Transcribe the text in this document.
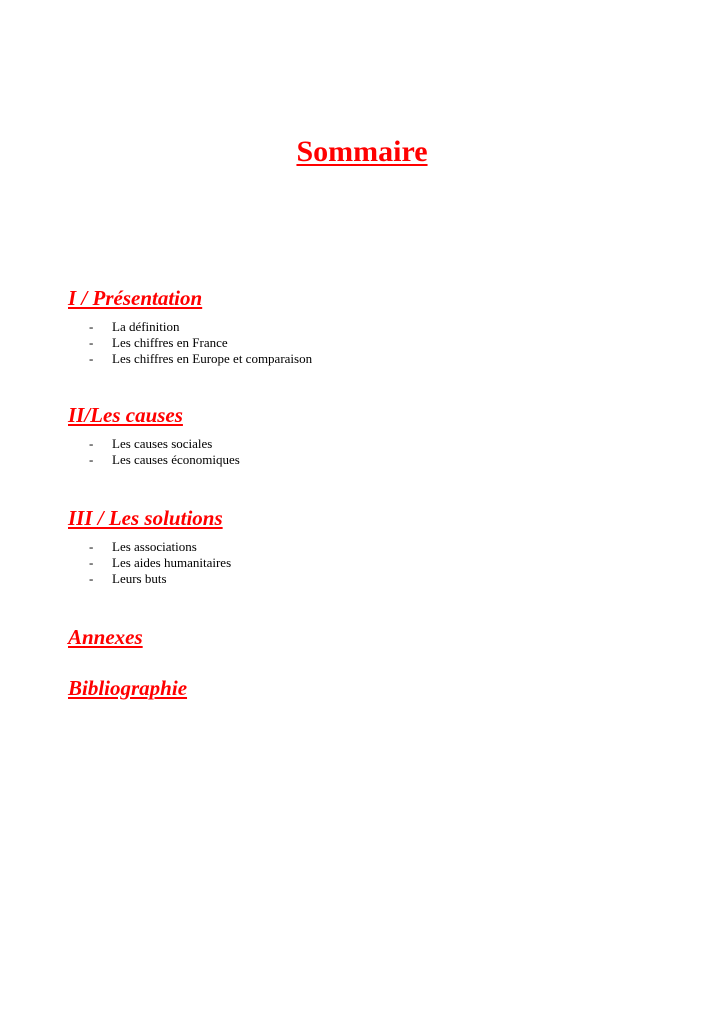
Sommaire
I / Présentation
- La définition
- Les chiffres en France
- Les chiffres en Europe et comparaison
II/Les causes
- Les causes sociales
- Les causes économiques
III / Les solutions
- Les associations
- Les aides humanitaires
- Leurs buts
Annexes
Bibliographie
